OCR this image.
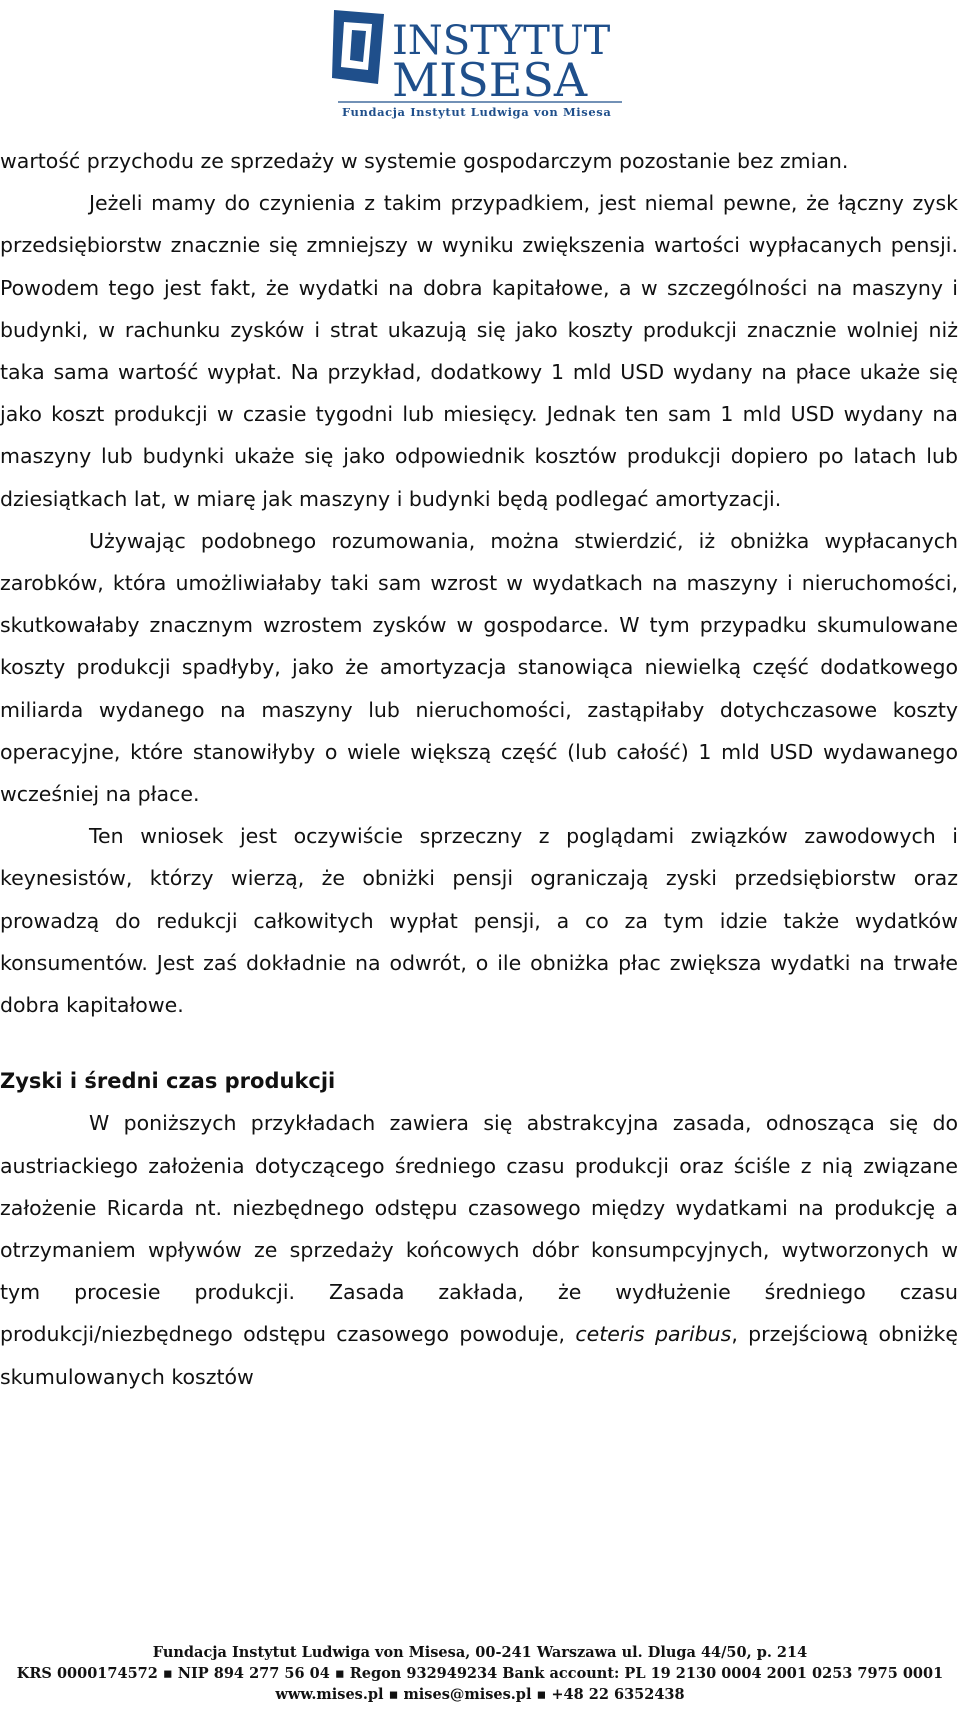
INSTYTUT
MISESA
Fundacja Instytut Ludwiga von Misesa

wartość przychodu ze sprzedaży w systemie gospodarczym pozostanie bez zmian.

Jeżeli mamy do czynienia z takim przypadkiem, jest niemal pewne, że łączny zysk przedsiębiorstw znacznie się zmniejszy w wyniku zwiększenia wartości wypłacanych pensji. Powodem tego jest fakt, że wydatki na dobra kapitałowe, a w szczególności na maszyny i budynki, w rachunku zysków i strat ukazują się jako koszty produkcji znacznie wolniej niż taka sama wartość wypłat. Na przykład, dodatkowy 1 mld USD wydany na płace ukaże się jako koszt produkcji w czasie tygodni lub miesięcy. Jednak ten sam 1 mld USD wydany na maszyny lub budynki ukaże się jako odpowiednik kosztów produkcji dopiero po latach lub dziesiątkach lat, w miarę jak maszyny i budynki będą podlegać amortyzacji.

Używając podobnego rozumowania, można stwierdzić, iż obniżka wypłacanych zarobków, która umożliwiałaby taki sam wzrost w wydatkach na maszyny i nieruchomości, skutkowałaby znacznym wzrostem zysków w gospodarce. W tym przypadku skumulowane koszty produkcji spadłyby, jako że amortyzacja stanowiąca niewielką część dodatkowego miliarda wydanego na maszyny lub nieruchomości, zastąpiłaby dotychczasowe koszty operacyjne, które stanowiłyby o wiele większą część (lub całość) 1 mld USD wydawanego wcześniej na płace.

Ten wniosek jest oczywiście sprzeczny z poglądami związków zawodowych i keynesistów, którzy wierzą, że obniżki pensji ograniczają zyski przedsiębiorstw oraz prowadzą do redukcji całkowitych wypłat pensji, a co za tym idzie także wydatków konsumentów. Jest zaś dokładnie na odwrót, o ile obniżka płac zwiększa wydatki na trwałe dobra kapitałowe.

Zyski i średni czas produkcji

W poniższych przykładach zawiera się abstrakcyjna zasada, odnosząca się do austriackiego założenia dotyczącego średniego czasu produkcji oraz ściśle z nią związane założenie Ricarda nt. niezbędnego odstępu czasowego między wydatkami na produkcję a otrzymaniem wpływów ze sprzedaży końcowych dóbr konsumpcyjnych, wytworzonych w tym procesie produkcji. Zasada zakłada, że wydłużenie średniego czasu produkcji/niezbędnego odstępu czasowego powoduje, ceteris paribus, przejściową obniżkę skumulowanych kosztów

Fundacja Instytut Ludwiga von Misesa, 00-241 Warszawa ul. Dluga 44/50, p. 214
KRS 0000174572 ▪ NIP 894 277 56 04 ▪ Regon 932949234 Bank account: PL 19 2130 0004 2001 0253 7975 0001
www.mises.pl ▪ mises@mises.pl ▪ +48 22 6352438
